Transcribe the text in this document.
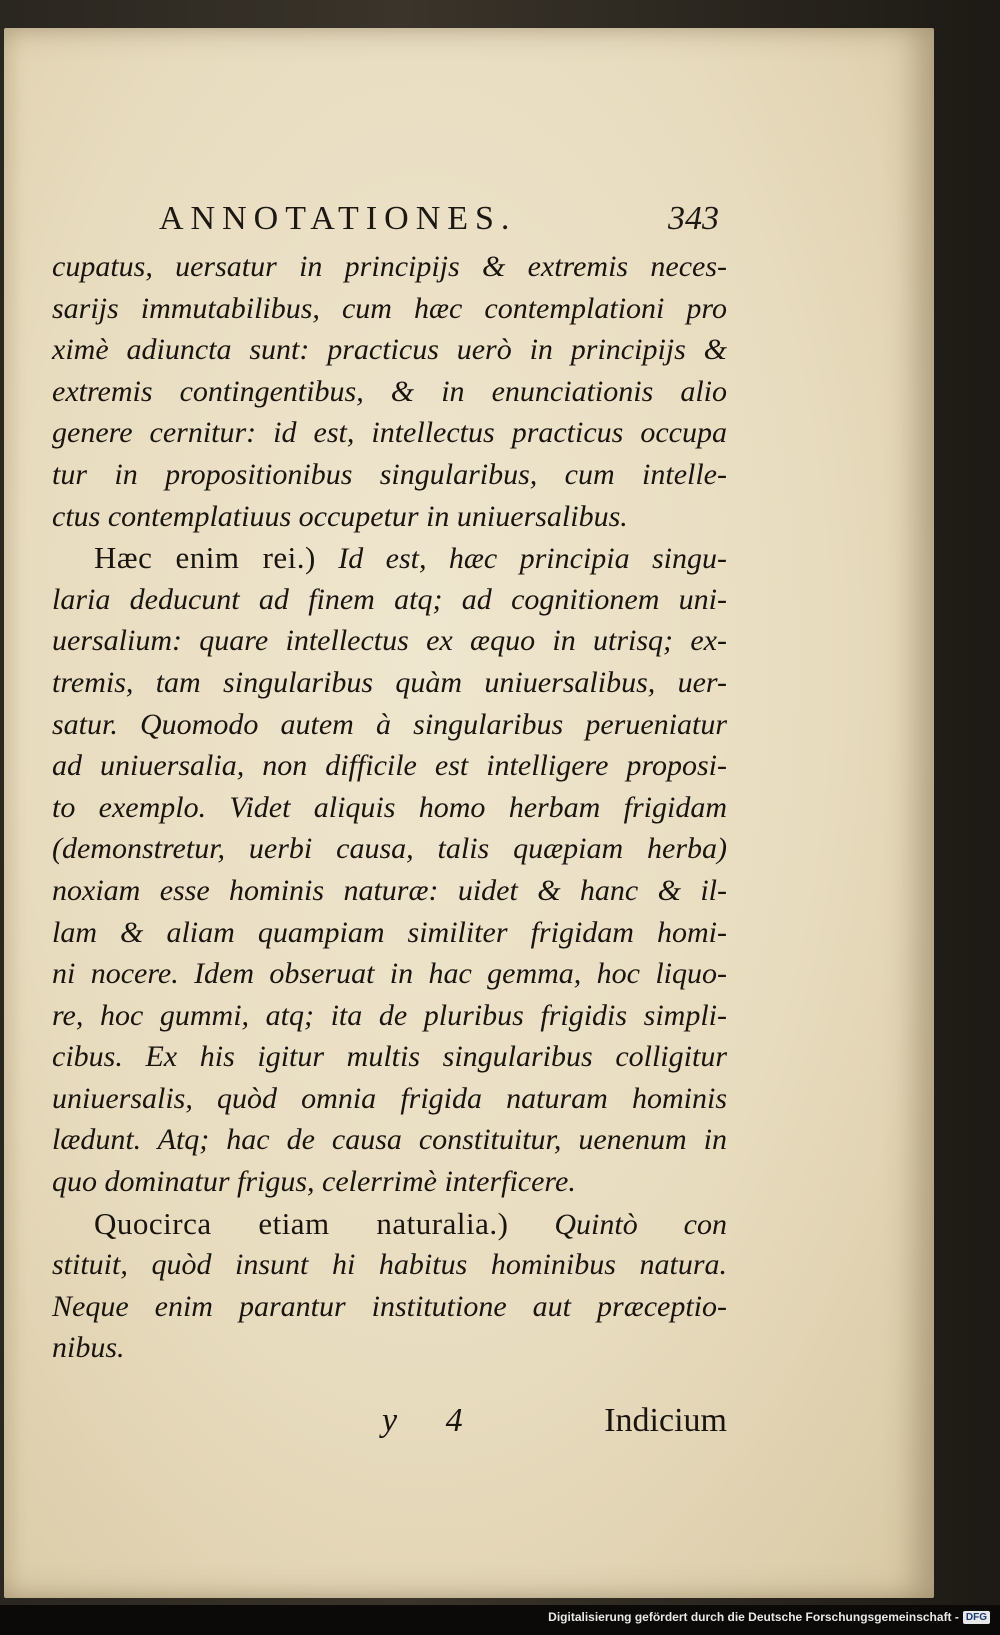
ANNOTATIONES.	343
cupatus, uersatur in principijs & extremis neces-
sarijs immutabilibus, cum hæc contemplationi pro
ximè adiuncta sunt: practicus uerò in principijs &
extremis contingentibus, & in enunciationis alio
genere cernitur: id est, intellectus practicus occupa
tur in propositionibus singularibus, cum intelle-
ctus contemplatiuus occupetur in uniuersalibus.
Hæc enim rei.) Id est, hæc principia singu-
laria deducunt ad finem atq; ad cognitionem uni-
uersalium: quare intellectus ex æquo in utrisq; ex-
tremis, tam singularibus quàm uniuersalibus, uer-
satur. Quomodo autem à singularibus perueniatur
ad uniuersalia, non difficile est intelligere proposi-
to exemplo. Videt aliquis homo herbam frigidam
(demonstretur, uerbi causa, talis quæpiam herba)
noxiam esse hominis naturæ: uidet & hanc & il-
lam & aliam quampiam similiter frigidam homi-
ni nocere. Idem obseruat in hac gemma, hoc liquo-
re, hoc gummi, atq; ita de pluribus frigidis simpli-
cibus. Ex his igitur multis singularibus colligitur
uniuersalis, quòd omnia frigida naturam hominis
lædunt. Atq; hac de causa constituitur, uenenum in
quo dominatur frigus, celerrimè interficere.
Quocirca etiam naturalia.) Quintò con
stituit, quòd insunt hi habitus hominibus natura.
Neque enim parantur institutione aut præceptio-
nibus.
y 4	Indicium
Digitalisierung gefördert durch die Deutsche Forschungsgemeinschaft - DFG
